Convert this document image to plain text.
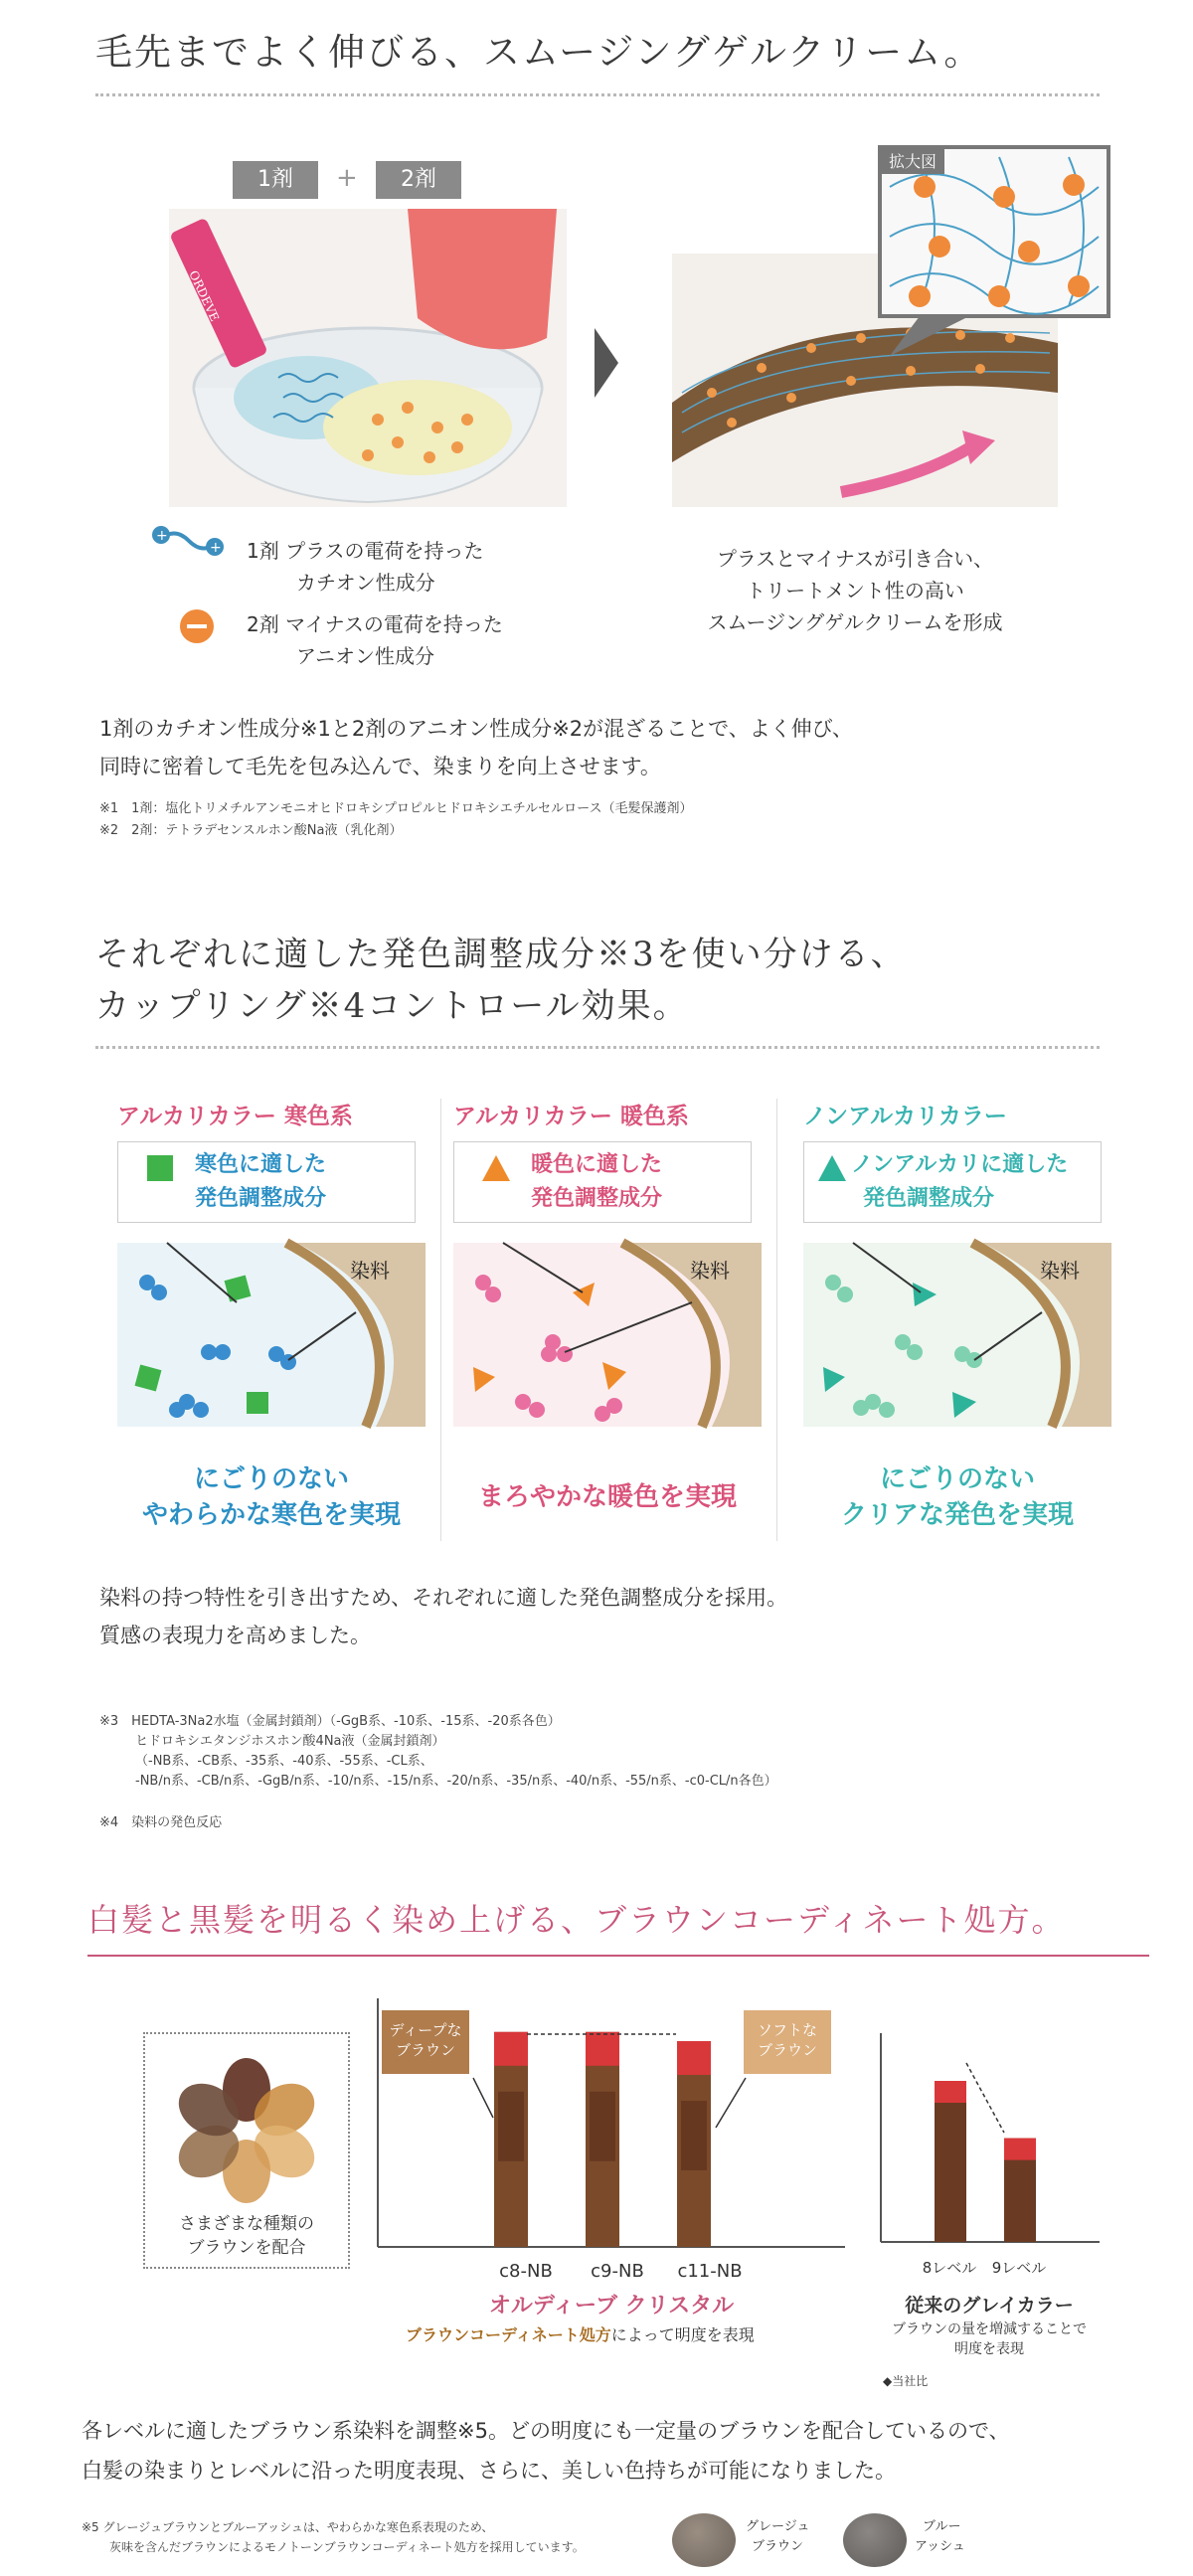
毛先までよく伸びる、スムージングゲルクリーム。
1剤	+	2剤
ORDEVE
拡大図
+
+ 1剤 プラスの電荷を持った
カチオン性成分
2剤 マイナスの電荷を持った
アニオン性成分
プラスとマイナスが引き合い、
トリートメント性の高い
スムージングゲルクリームを形成
1剤のカチオン性成分※1と2剤のアニオン性成分※2が混ざることで、よく伸び、
同時に密着して毛先を包み込んで、染まりを向上させます。
※1　1剤：塩化トリメチルアンモニオヒドロキシプロピルヒドロキシエチルセルロース（毛髪保護剤）
※2　2剤：テトラデセンスルホン酸Na液（乳化剤）
それぞれに適した発色調整成分※3を使い分ける、
カップリング※4コントロール効果。
アルカリカラー 寒色系
寒色に適した
発色調整成分
染料
にごりのない
やわらかな寒色を実現
アルカリカラー 暖色系
暖色に適した
発色調整成分
染料
まろやかな暖色を実現
ノンアルカリカラー
ノンアルカリに適した
発色調整成分
染料
にごりのない
クリアな発色を実現
染料の持つ特性を引き出すため、それぞれに適した発色調整成分を採用。
質感の表現力を高めました。
※3　HEDTA-3Na2水塩（金属封鎖剤）（-GgB系、-10系、-15系、-20系各色）
ヒドロキシエタンジホスホン酸4Na液（金属封鎖剤）
（-NB系、-CB系、-35系、-40系、-55系、-CL系、
-NB/n系、-CB/n系、-GgB/n系、-10/n系、-15/n系、-20/n系、-35/n系、-40/n系、-55/n系、-c0-CL/n各色）
※4　染料の発色反応
白髪と黒髪を明るく染め上げる、ブラウンコーディネート処方。
さまざまな種類の
ブラウンを配合
ディープな
ブラウン
ソフトな
ブラウン
c8-NB	c9-NB	c11-NB
オルディーブ クリスタル
ブラウンコーディネート処方によって明度を表現
8レベル	9レベル
従来のグレイカラー
ブラウンの量を増減することで
明度を表現
◆当社比
各レベルに適したブラウン系染料を調整※5。どの明度にも一定量のブラウンを配合しているので、
白髪の染まりとレベルに沿った明度表現、さらに、美しい色持ちが可能になりました。
※5 グレージュブラウンとブルーアッシュは、やわらかな寒色系表現のため、
灰味を含んだブラウンによるモノトーンブラウンコーディネート処方を採用しています。
グレージュ
ブラウン
ブルー
アッシュ
